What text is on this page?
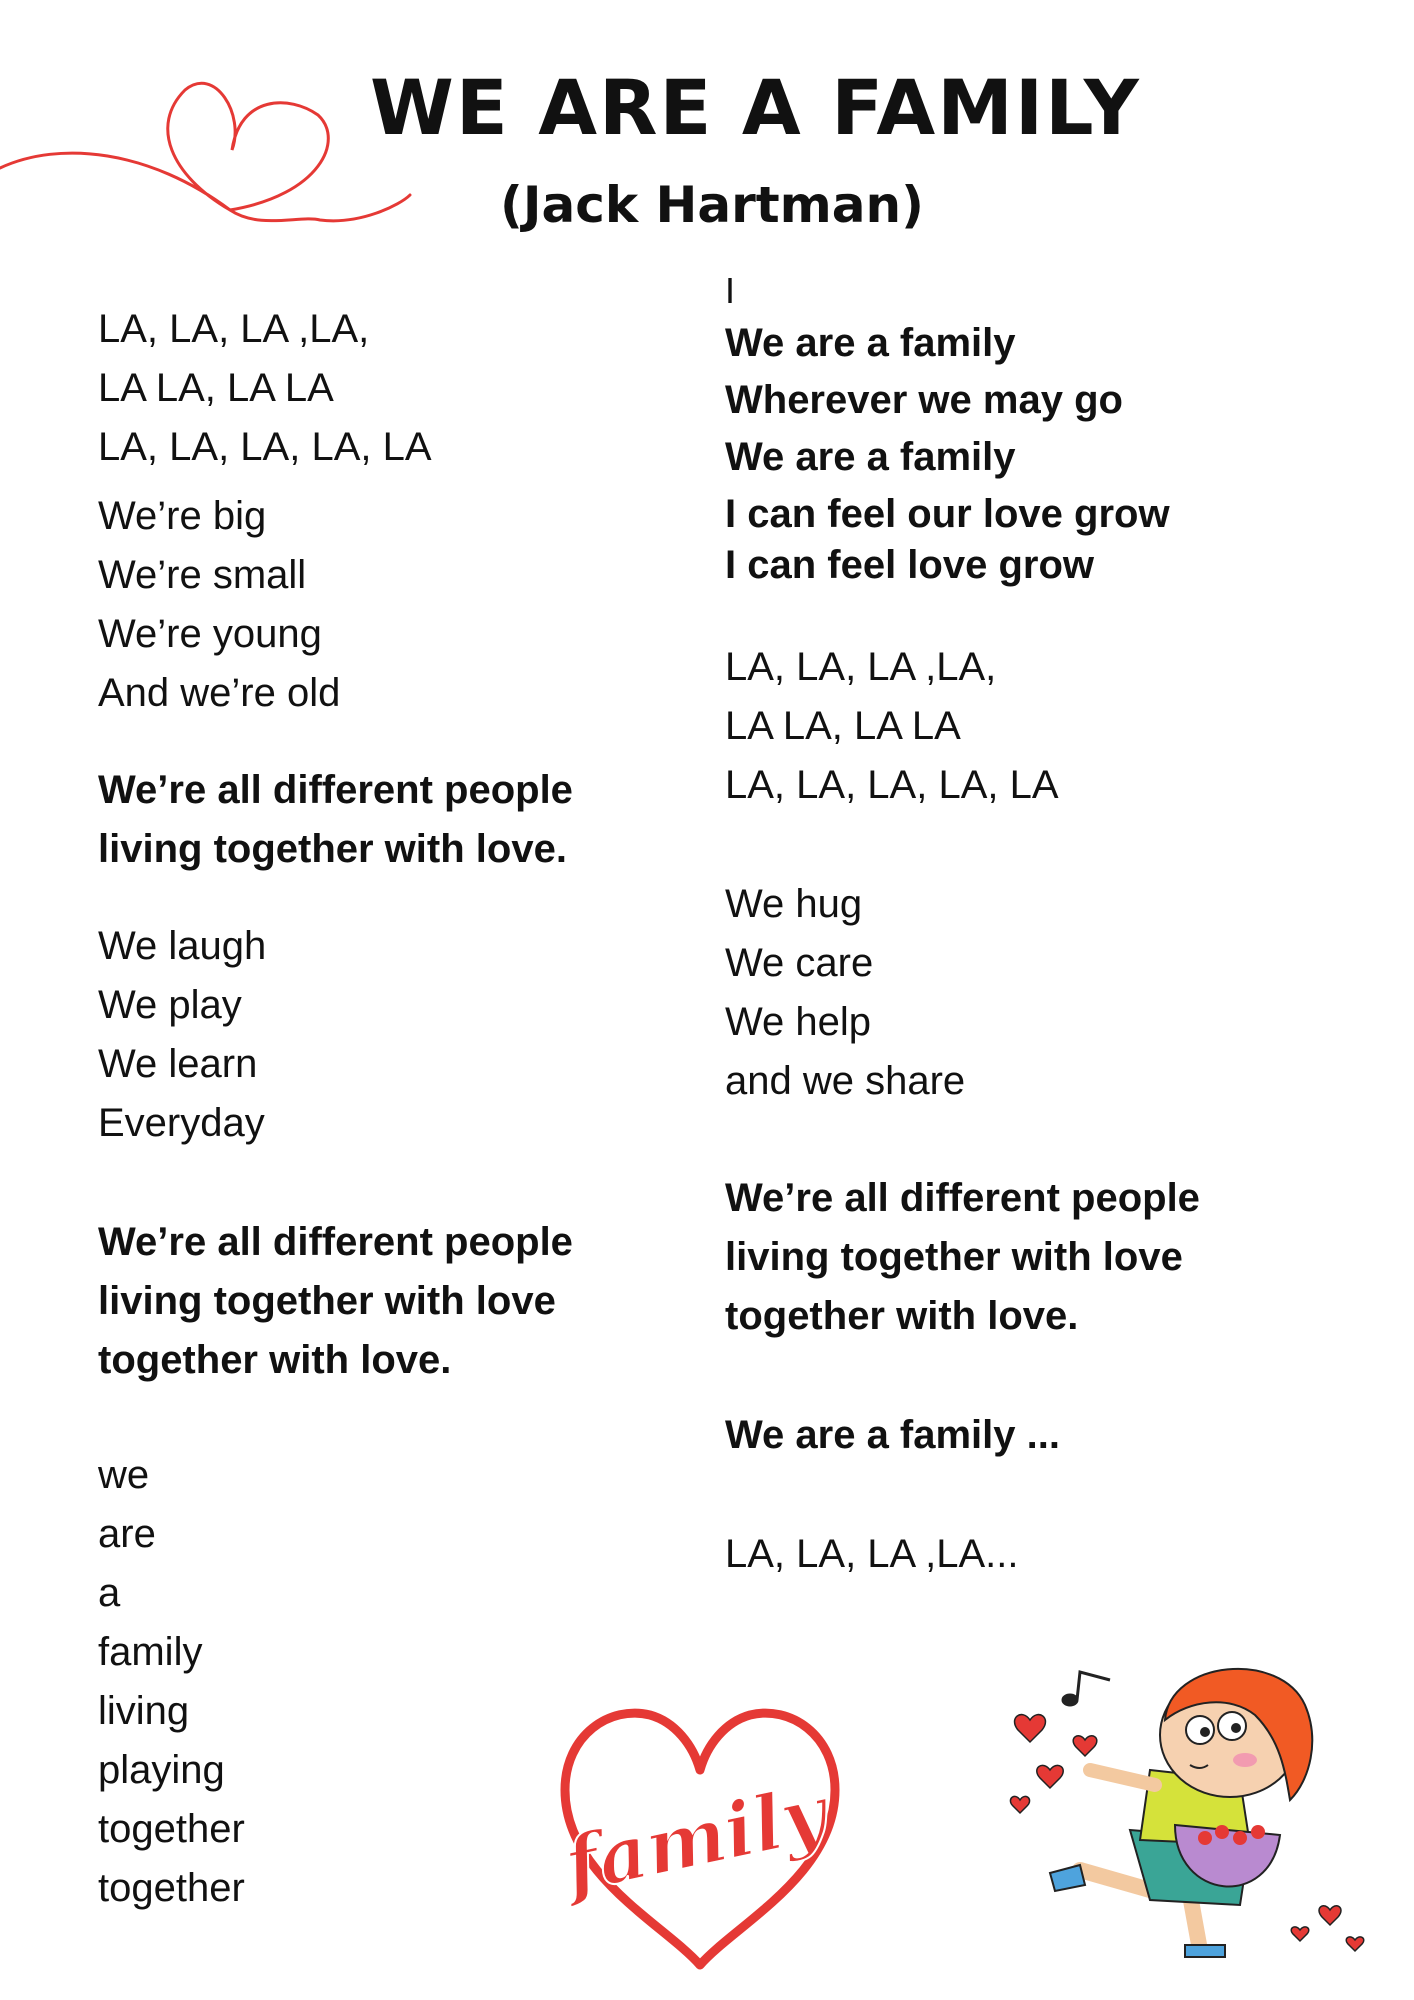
WE ARE A FAMILY
(Jack Hartman)
I
LA, LA, LA ,LA,
LA LA, LA LA
LA, LA, LA, LA, LA
We’re big
We’re small
We’re young
And we’re old
We’re all different people
living together with love.
We laugh
We play
We learn
Everyday
We’re all different people
living together with love
together with love.
we
are
a
family
living
playing
together
together
We are a family
Wherever we may go
We are a family
I can feel our love grow
I can feel love grow
LA, LA, LA ,LA,
LA LA, LA LA
LA, LA, LA, LA, LA
We hug
We care
We help
and we share
We’re all different people
living together with love
together with love.
We are a family ...
LA, LA, LA ,LA...
family
